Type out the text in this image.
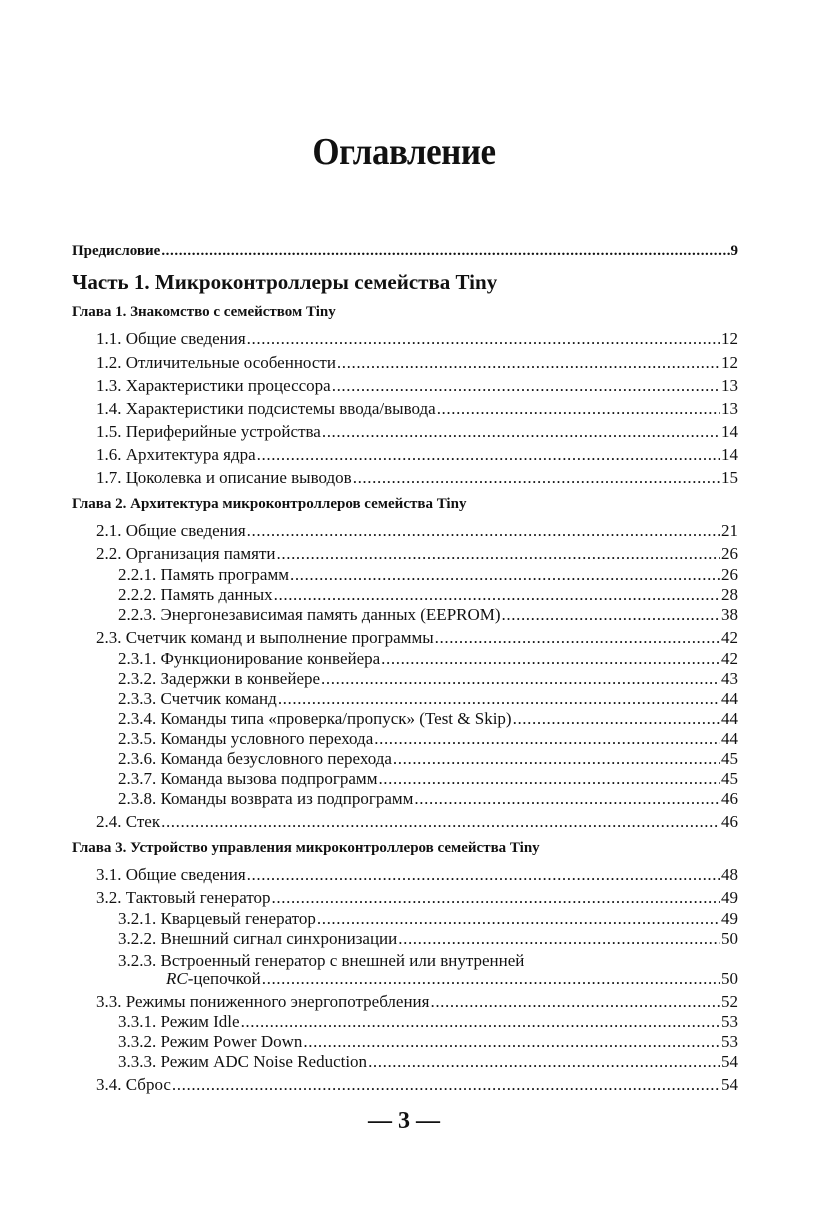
Оглавление
Предисловие .....	9
Часть 1. Микроконтроллеры семейства Tiny
Глава 1. Знакомство с семейством Tiny
1.1. Общие сведения .....	12
1.2. Отличительные особенности .....	12
1.3. Характеристики процессора .....	13
1.4. Характеристики подсистемы ввода/вывода .....	13
1.5. Периферийные устройства .....	14
1.6. Архитектура ядра .....	14
1.7. Цоколевка и описание выводов .....	15
Глава 2. Архитектура микроконтроллеров семейства Tiny
2.1. Общие сведения .....	21
2.2. Организация памяти .....	26
2.2.1. Память программ .....	26
2.2.2. Память данных .....	28
2.2.3. Энергонезависимая память данных (EEPROM) .....	38
2.3. Счетчик команд и выполнение программы .....	42
2.3.1. Функционирование конвейера .....	42
2.3.2. Задержки в конвейере .....	43
2.3.3. Счетчик команд .....	44
2.3.4. Команды типа «проверка/пропуск» (Test & Skip) .....	44
2.3.5. Команды условного перехода .....	44
2.3.6. Команда безусловного перехода .....	45
2.3.7. Команда вызова подпрограмм .....	45
2.3.8. Команды возврата из подпрограмм .....	46
2.4. Стек .....	46
Глава 3. Устройство управления микроконтроллеров семейства Tiny
3.1. Общие сведения .....	48
3.2. Тактовый генератор .....	49
3.2.1. Кварцевый генератор .....	49
3.2.2. Внешний сигнал синхронизации .....	50
3.2.3. Встроенный генератор с внешней или внутренней
RC-цепочкой .....	50
3.3. Режимы пониженного энергопотребления .....	52
3.3.1. Режим Idle .....	53
3.3.2. Режим Power Down .....	53
3.3.3. Режим ADC Noise Reduction .....	54
3.4. Сброс .....	54
— 3 —
